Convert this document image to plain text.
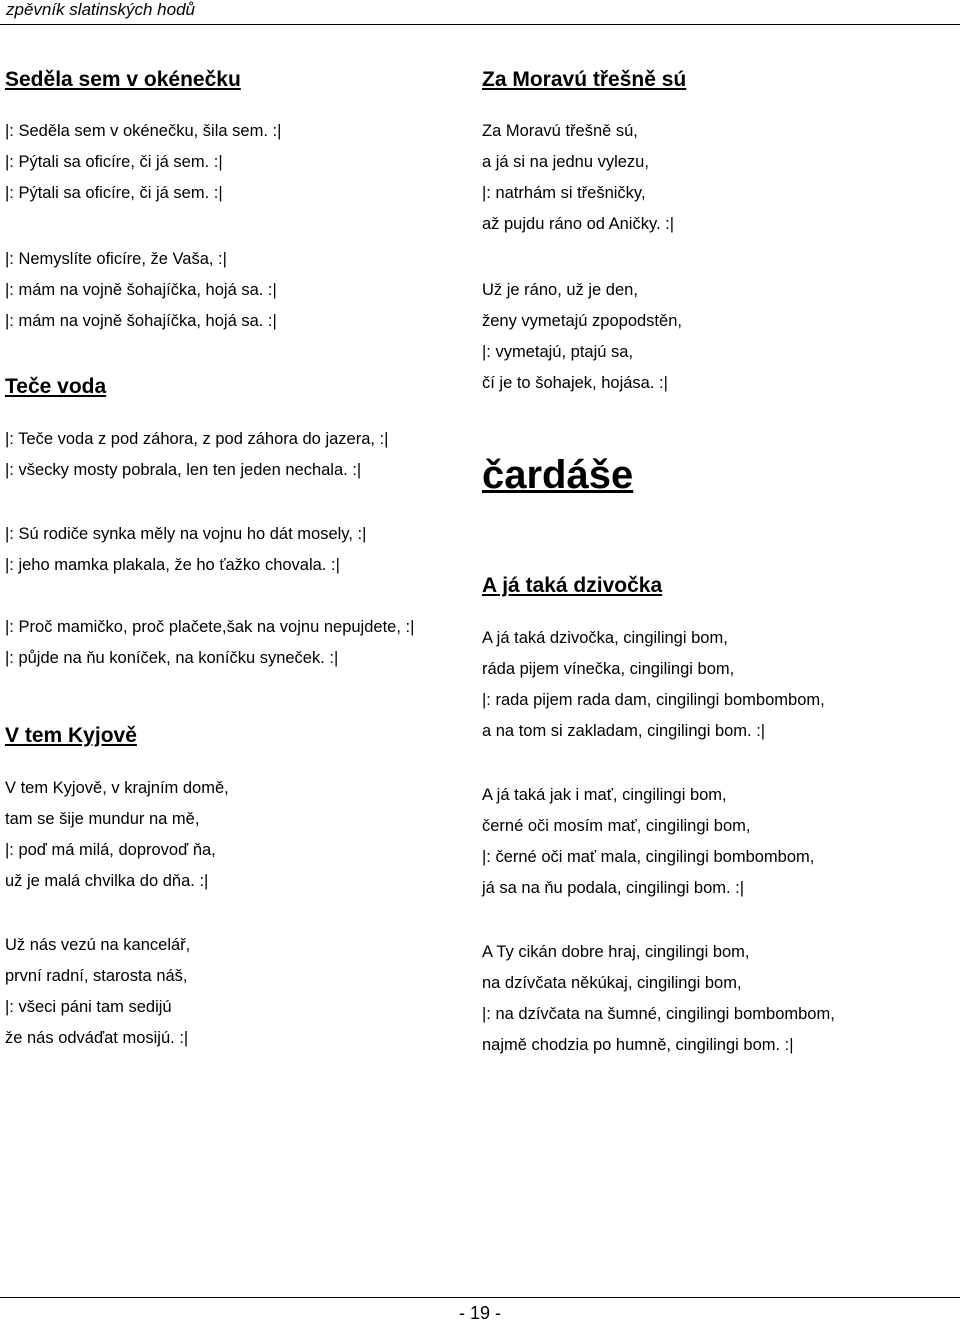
zpěvník slatinských hodů
Seděla sem v okénečku
|: Seděla sem v okénečku, šila sem. :|
|: Pýtali sa oficíre, či já sem. :|
|: Pýtali sa oficíre, či já sem. :|
|: Nemyslíte oficíre, že Vaša, :|
|: mám na vojně šohajíčka, hojá sa. :|
|: mám na vojně šohajíčka, hojá sa. :|
Teče voda
|: Teče voda z pod záhora, z pod záhora do jazera, :|
|: všecky mosty pobrala, len ten jeden nechala. :|
|: Sú rodiče synka měly na vojnu ho dát mosely, :|
|: jeho mamka plakala, že ho ťažko chovala. :|
|: Proč mamičko, proč plačete,šak na vojnu nepujdete, :|
|: půjde na ňu koníček, na koníčku syneček. :|
V tem Kyjově
V tem Kyjově, v krajním domě,
tam se šije mundur na mě,
|: poď má milá, doprovoď ňa,
už je malá chvilka do dňa. :|
Už nás vezú na kancelář,
první radní, starosta náš,
|: všeci páni tam sedijú
že nás odváďat mosijú. :|
Za Moravú třešně sú
Za Moravú třešně sú,
a já si na jednu vylezu,
|: natrhám si třešničky,
až pujdu ráno od Aničky. :|
Už je ráno, už je den,
ženy vymetajú zpopodstěn,
|: vymetajú, ptajú sa,
čí je to šohajek, hojása. :|
čardáše
A já taká dzivočka
A já taká dzivočka, cingilingi bom,
ráda pijem vínečka, cingilingi bom,
|: rada pijem rada dam, cingilingi bombombom,
a na tom si zakladam, cingilingi bom. :|
A já taká jak i mať, cingilingi bom,
černé oči mosím mať, cingilingi bom,
|: černé oči mať mala, cingilingi bombombom,
já sa na ňu podala, cingilingi bom. :|
A Ty cikán dobre hraj, cingilingi bom,
na dzívčata někúkaj, cingilingi bom,
|: na dzívčata na šumné, cingilingi bombombom,
najmě chodzia po humně, cingilingi bom. :|
- 19 -
